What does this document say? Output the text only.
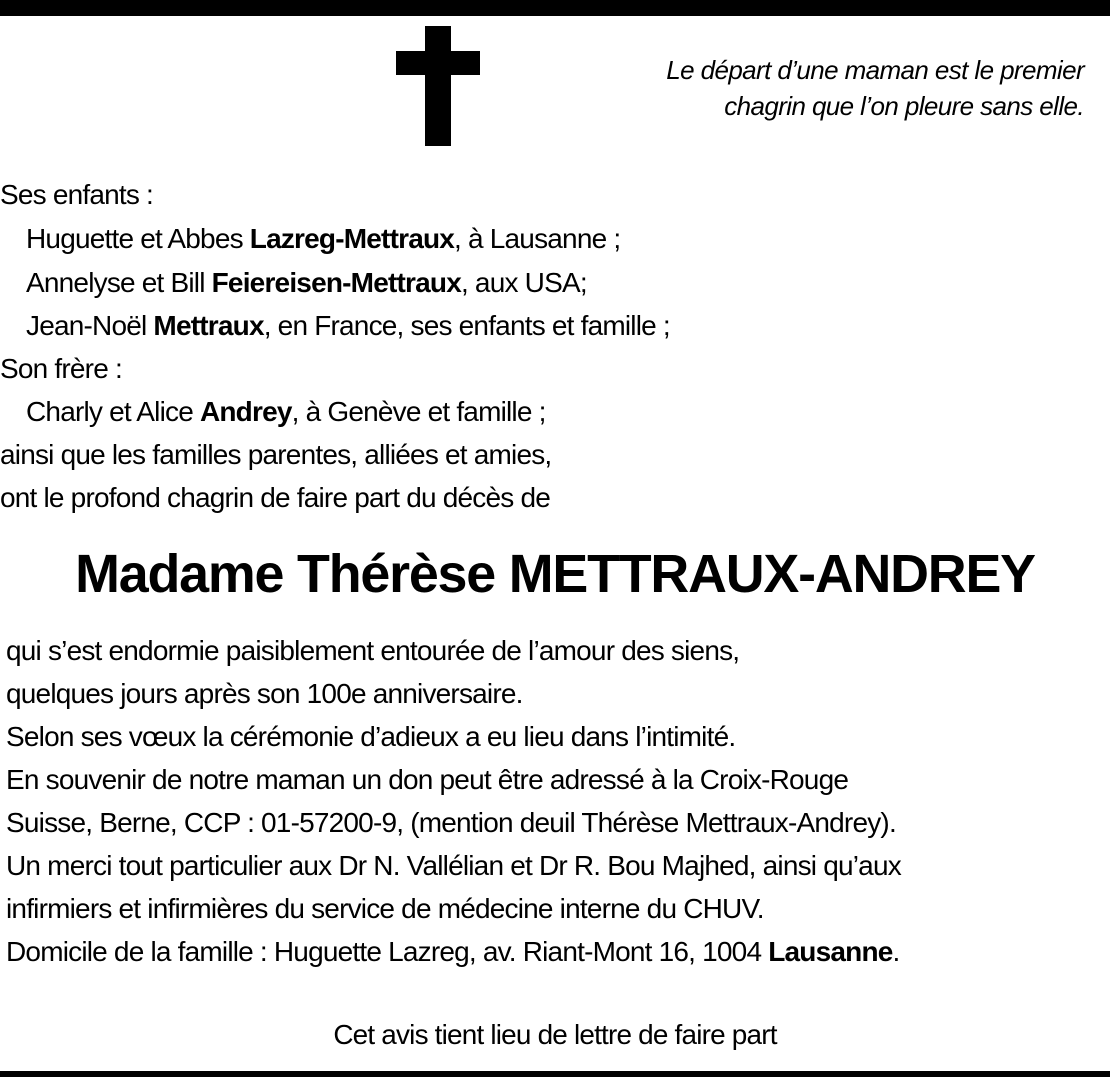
Le départ d’une maman est le premier
chagrin que l’on pleure sans elle.
Ses enfants :
Huguette et Abbes Lazreg-Mettraux, à Lausanne ;
Annelyse et Bill Feiereisen-Mettraux, aux USA;
Jean-Noël Mettraux, en France, ses enfants et famille ;
Son frère :
Charly et Alice Andrey, à Genève et famille ;
ainsi que les familles parentes, alliées et amies,
ont le profond chagrin de faire part du décès de
Madame Thérèse METTRAUX-ANDREY
qui s’est endormie paisiblement entourée de l’amour des siens,
quelques jours après son 100e anniversaire.
Selon ses vœux la cérémonie d’adieux a eu lieu dans l’intimité.
En souvenir de notre maman un don peut être adressé à la Croix-Rouge
Suisse, Berne, CCP : 01-57200-9, (mention deuil Thérèse Mettraux-Andrey).
Un merci tout particulier aux Dr N. Vallélian et Dr R. Bou Majhed, ainsi qu’aux
infirmiers et infirmières du service de médecine interne du CHUV.
Domicile de la famille : Huguette Lazreg, av. Riant-Mont 16, 1004 Lausanne.
Cet avis tient lieu de lettre de faire part
